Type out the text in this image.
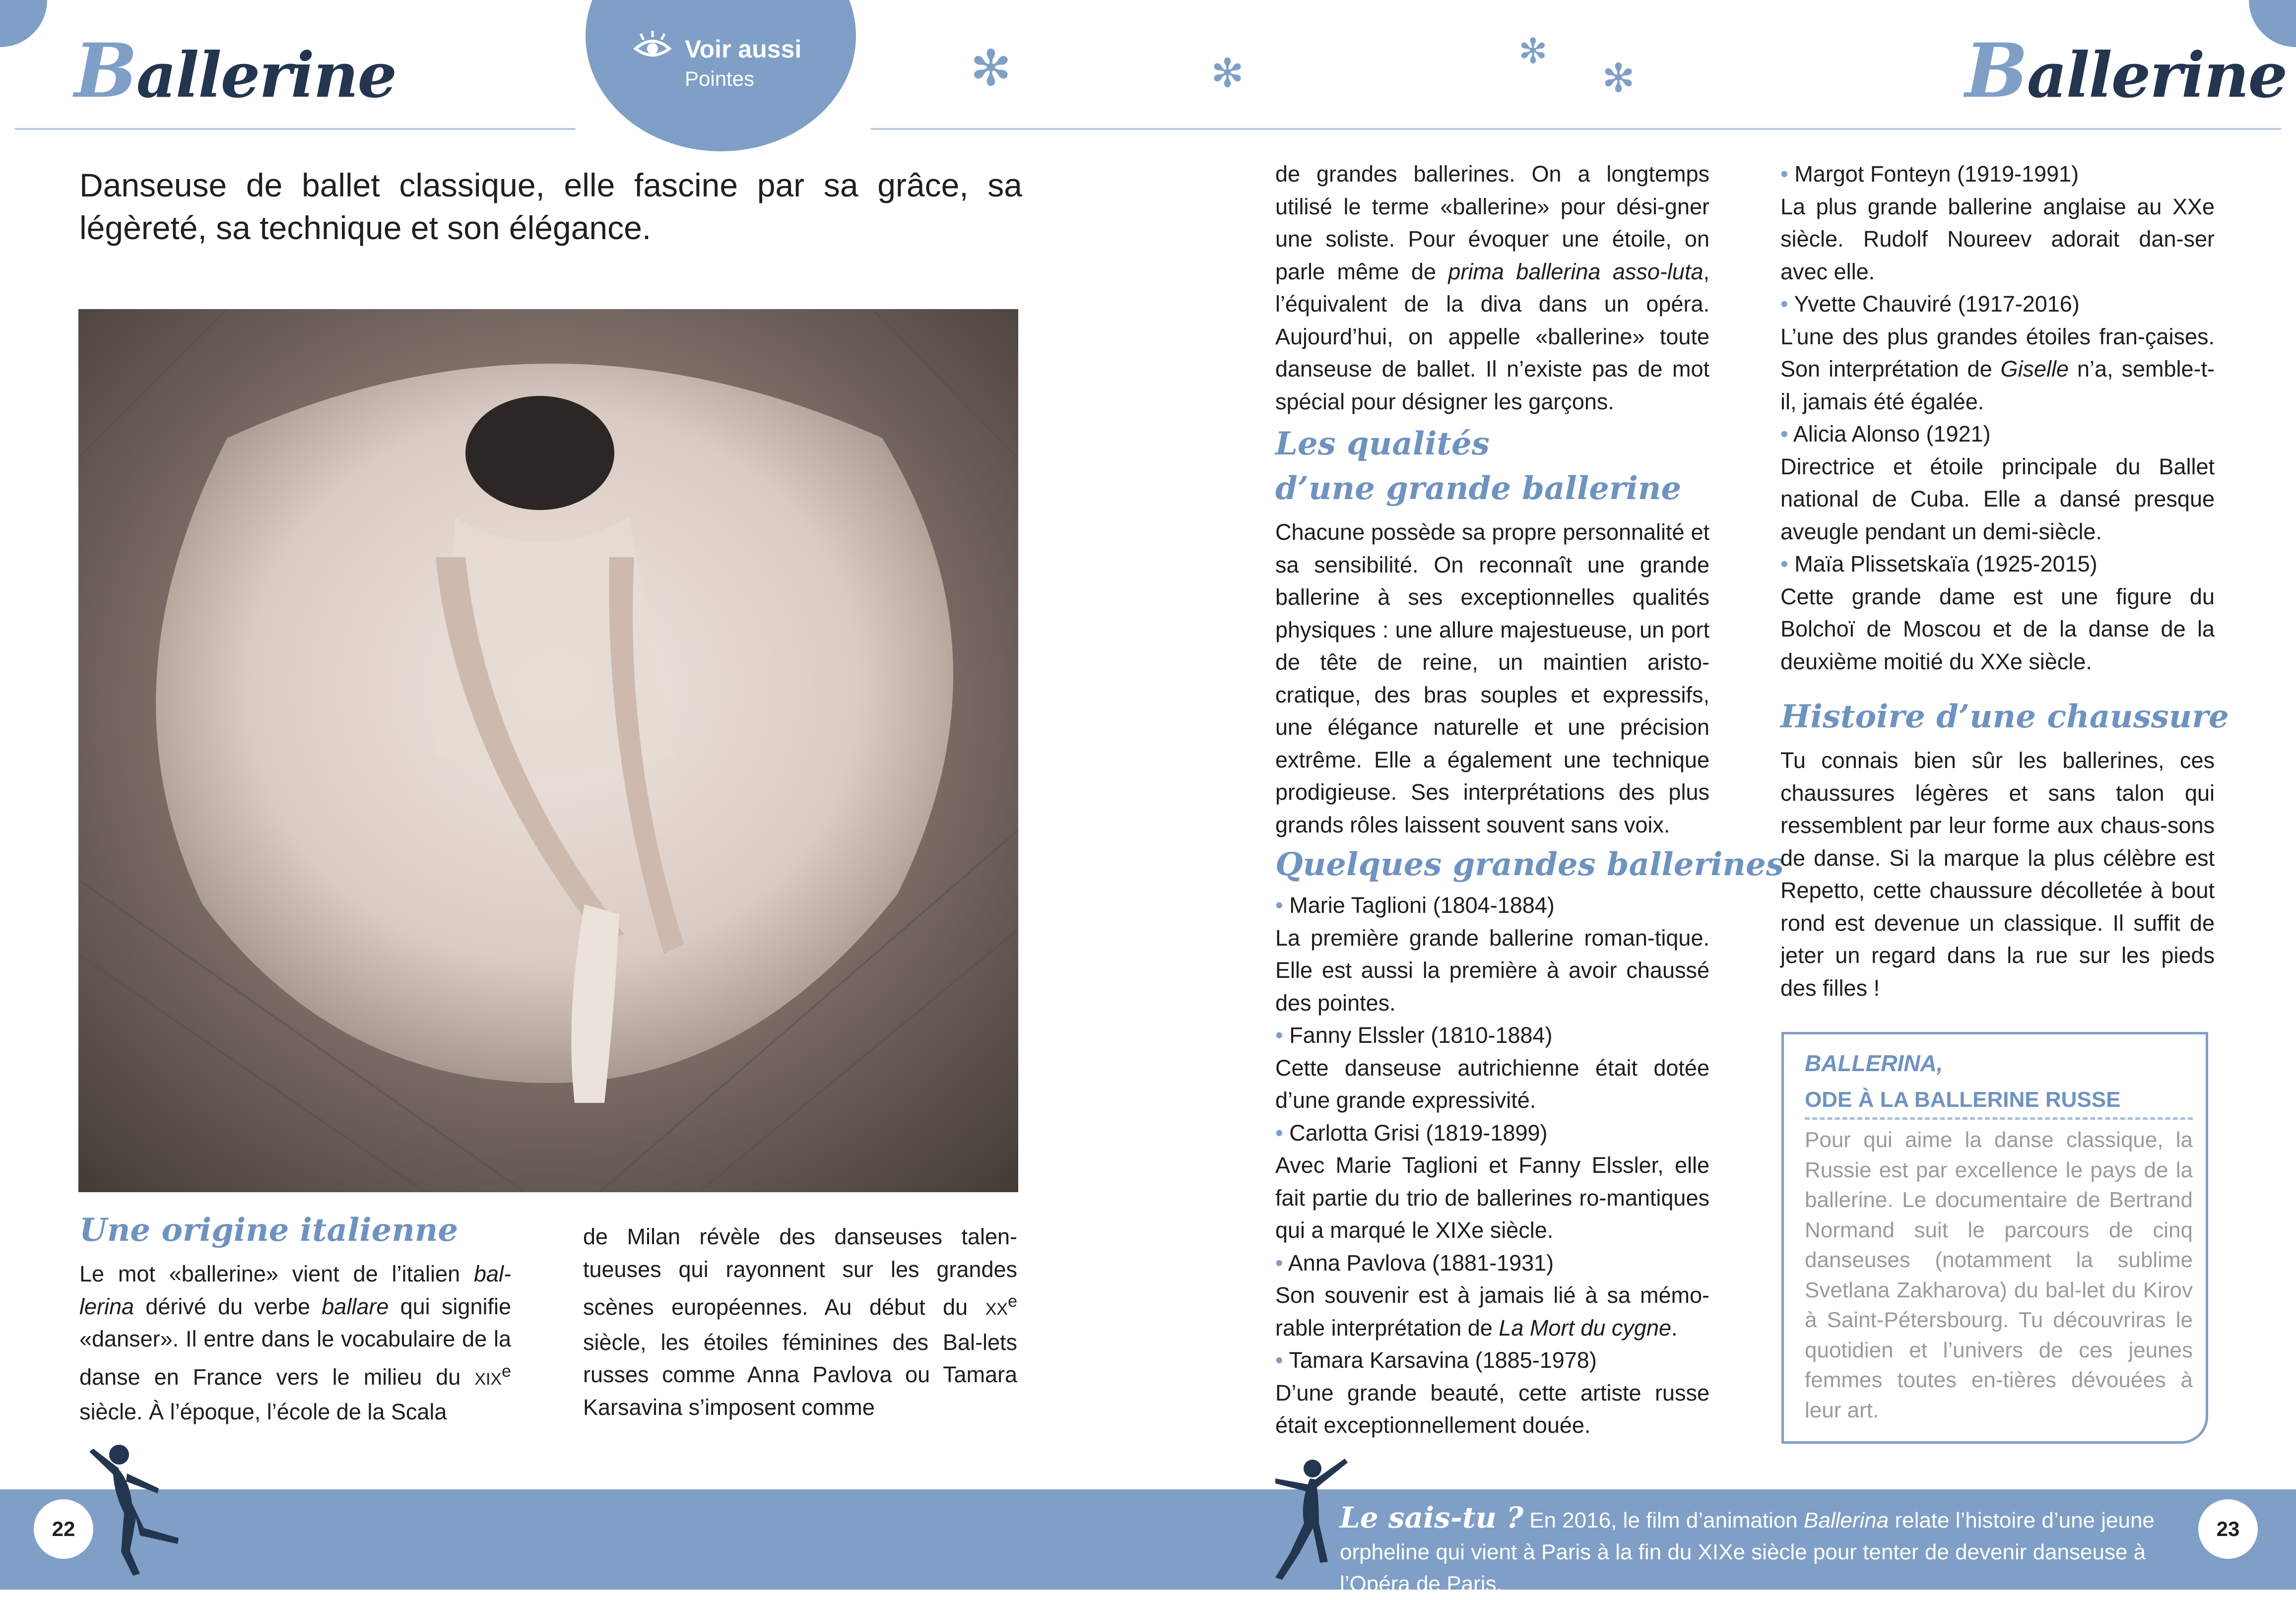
Ballerine	Ballerine
Voir aussi
Pointes	✻	✻	✻
✻
Danseuse de ballet classique, elle fascine par sa grâce, sa légèreté, sa technique et son élégance.
Une origine italienne

Le mot «ballerine» vient de l’italien bal-lerina dérivé du verbe ballare qui signifie «danser». Il entre dans le vocabulaire de la danse en France vers le milieu du XIXe siècle. À l’époque, l’école de la Scala

de Milan révèle des danseuses talen-tueuses qui rayonnent sur les grandes scènes européennes. Au début du XXe siècle, les étoiles féminines des Bal-lets russes comme Anna Pavlova ou Tamara Karsavina s’imposent comme

de grandes ballerines. On a longtemps utilisé le terme «ballerine» pour dési-gner une soliste. Pour évoquer une étoile, on parle même de prima ballerina asso-luta, l’équivalent de la diva dans un opéra. Aujourd’hui, on appelle «ballerine» toute danseuse de ballet. Il n’existe pas de mot spécial pour désigner les garçons.

Les qualités
d’une grande ballerine
Chacune possède sa propre personnalité et sa sensibilité. On reconnaît une grande ballerine à ses exceptionnelles qualités physiques : une allure majestueuse, un port de tête de reine, un maintien aristo-cratique, des bras souples et expressifs, une élégance naturelle et une précision extrême. Elle a également une technique prodigieuse. Ses interprétations des plus grands rôles laissent souvent sans voix.
Quelques grandes ballerines

• Marie Taglioni (1804-1884)

La première grande ballerine roman-tique. Elle est aussi la première à avoir chaussé des pointes.

• Fanny Elssler (1810-1884)

Cette danseuse autrichienne était dotée d’une grande expressivité.

• Carlotta Grisi (1819-1899)

Avec Marie Taglioni et Fanny Elssler, elle fait partie du trio de ballerines ro-mantiques qui a marqué le XIXe siècle.

• Anna Pavlova (1881-1931)

Son souvenir est à jamais lié à sa mémo-rable interprétation de La Mort du cygne.

• Tamara Karsavina (1885-1978)

D’une grande beauté, cette artiste russe était exceptionnellement douée.

• Margot Fonteyn (1919-1991)

La plus grande ballerine anglaise au XXe siècle. Rudolf Noureev adorait dan-ser avec elle.

• Yvette Chauviré (1917-2016)

L’une des plus grandes étoiles fran-çaises. Son interprétation de Giselle n’a, semble-t-il, jamais été égalée.

• Alicia Alonso (1921)

Directrice et étoile principale du Ballet national de Cuba. Elle a dansé presque aveugle pendant un demi-siècle.

• Maïa Plissetskaïa (1925-2015)

Cette grande dame est une figure du Bolchoï de Moscou et de la danse de la deuxième moitié du XXe siècle.

Histoire d’une chaussure
Tu connais bien sûr les ballerines, ces chaussures légères et sans talon qui ressemblent par leur forme aux chaus-sons de danse. Si la marque la plus célèbre est Repetto, cette chaussure décolletée à bout rond est devenue un classique. Il suffit de jeter un regard dans la rue sur les pieds des filles !
BALLERINA,
ODE À LA BALLERINE RUSSE
Pour qui aime la danse classique, la Russie est par excellence le pays de la ballerine. Le documentaire de Bertrand Normand suit le parcours de cinq danseuses (notamment la sublime Svetlana Zakharova) du bal-let du Kirov à Saint-Pétersbourg. Tu découvriras le quotidien et l’univers de ces jeunes femmes toutes en-tières dévouées à leur art.
22	23
Le sais-tu ? En 2016, le film d’animation Ballerina relate l’histoire d’une jeune orpheline qui vient à Paris à la fin du XIXe siècle pour tenter de devenir danseuse à l’Opéra de Paris.
